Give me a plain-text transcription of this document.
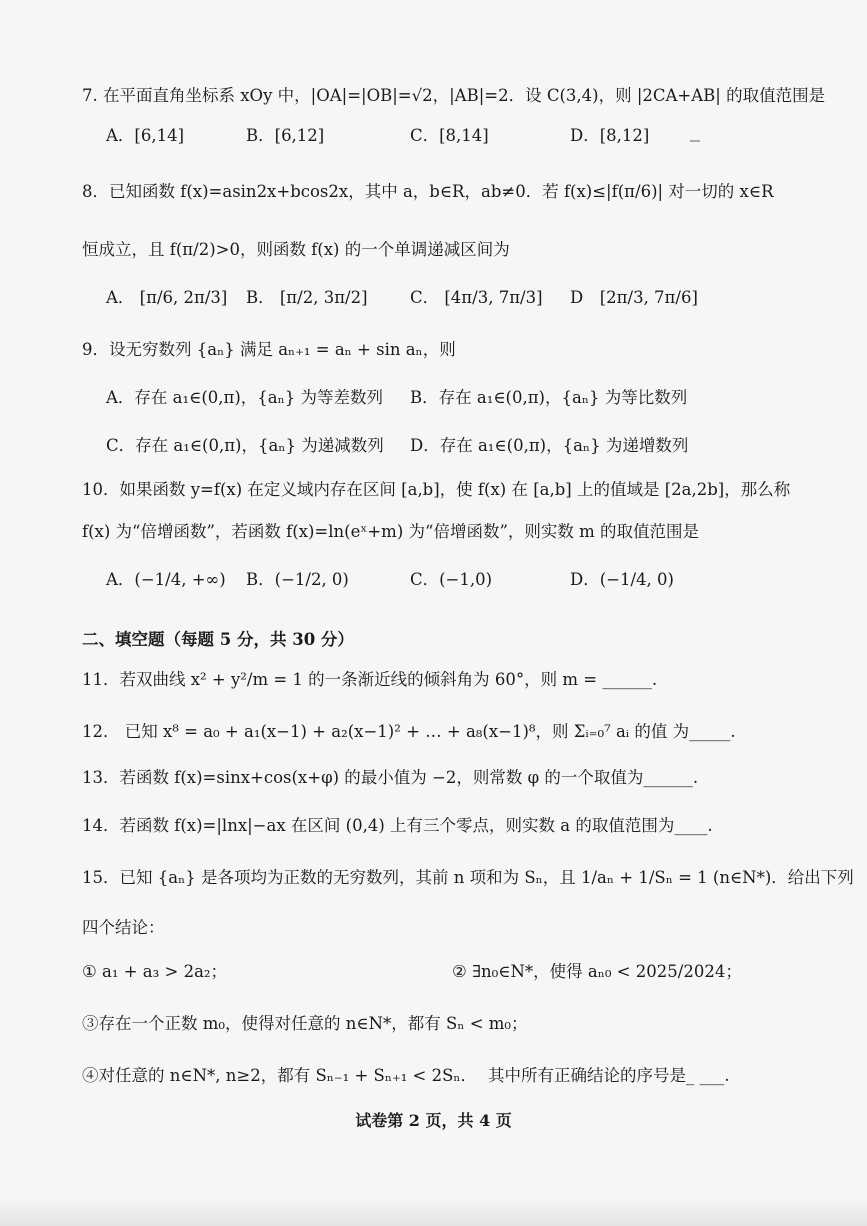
7. 在平面直角坐标系 xOy 中，|OA|=|OB|=√2，|AB|=2．设 C(3,4)，则 |2CA+AB| 的取值范围是
A．[6,14]	B．[6,12]	C．[8,14]	D．[8,12]
8．已知函数 f(x)=asin2x+bcos2x，其中 a，b∈R，ab≠0．若 f(x)≤|f(π/6)| 对一切的 x∈R
恒成立，且 f(π/2)>0，则函数 f(x) 的一个单调递减区间为
A． [π/6, 2π/3] B． [π/2, 3π/2]	C． [4π/3, 7π/3] D　[2π/3, 7π/6]
9．设无穷数列 {aₙ} 满足 aₙ₊₁ = aₙ + sin aₙ，则
A．存在 a₁∈(0,π)，{aₙ} 为等差数列 B．存在 a₁∈(0,π)，{aₙ} 为等比数列
C．存在 a₁∈(0,π)，{aₙ} 为递减数列 D．存在 a₁∈(0,π)，{aₙ} 为递增数列
10．如果函数 y=f(x) 在定义域内存在区间 [a,b]，使 f(x) 在 [a,b] 上的值域是 [2a,2b]，那么称
f(x) 为“倍增函数”，若函数 f(x)=ln(eˣ+m) 为“倍增函数”，则实数 m 的取值范围是
A．(−1/4, +∞) B．(−1/2, 0)	C．(−1,0)	D．(−1/4, 0)
二、填空题（每题 5 分，共 30 分）
11．若双曲线 x² + y²/m = 1 的一条渐近线的倾斜角为 60°，则 m = ______.
12． 已知 x⁸ = a₀ + a₁(x−1) + a₂(x−1)² + … + a₈(x−1)⁸，则 Σᵢ₌₀⁷ aᵢ 的值 为_____.
13．若函数 f(x)=sinx+cos(x+φ) 的最小值为 −2，则常数 φ 的一个取值为______.
14．若函数 f(x)=|lnx|−ax 在区间 (0,4) 上有三个零点，则实数 a 的取值范围为____.
15．已知 {aₙ} 是各项均为正数的无穷数列，其前 n 项和为 Sₙ，且 1/aₙ + 1/Sₙ = 1 (n∈N*)．给出下列
四个结论：
① a₁ + a₃ > 2a₂；	② ∃n₀∈N*，使得 aₙ₀ < 2025/2024；
③存在一个正数 m₀，使得对任意的 n∈N*，都有 Sₙ < m₀；
④对任意的 n∈N*, n≥2，都有 Sₙ₋₁ + Sₙ₊₁ < 2Sₙ． 其中所有正确结论的序号是_ ___.
试卷第 2 页，共 4 页
